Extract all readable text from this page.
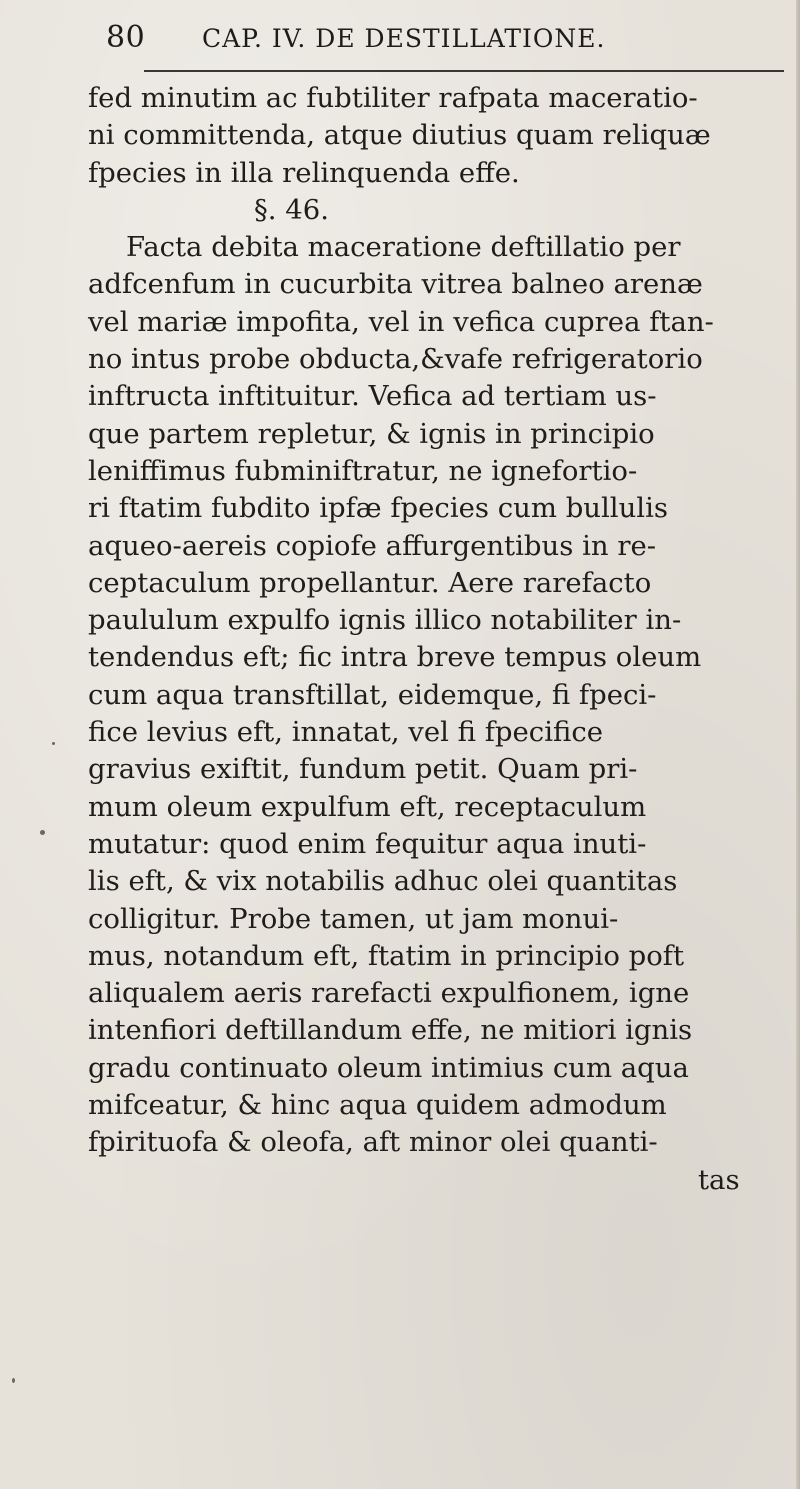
80 CAP. IV. DE DESTILLATIONE.
fed minutim ac fubtiliter rafpata maceratio-
ni committenda, atque diutius quam reliquæ
fpecies in illa relinquenda effe.
§. 46.
Facta debita maceratione deftillatio per
adfcenfum in cucurbita vitrea balneo arenæ
vel mariæ impofita, vel in vefica cuprea ftan-
no intus probe obducta,&vafe refrigeratorio
inftructa inftituitur. Vefica ad tertiam us-
que partem repletur, & ignis in principio
leniffimus fubminiftratur, ne ignefortio-
ri ftatim fubdito ipfæ fpecies cum bullulis
aqueo-aereis copiofe affurgentibus in re-
ceptaculum propellantur. Aere rarefacto
paululum expulfo ignis illico notabiliter in-
tendendus eft; fic intra breve tempus oleum
cum aqua transftillat, eidemque, fi fpeci-
fice levius eft, innatat, vel fi fpecifice
gravius exiftit, fundum petit. Quam pri-
mum oleum expulfum eft, receptaculum
mutatur: quod enim fequitur aqua inuti-
lis eft, & vix notabilis adhuc olei quantitas
colligitur. Probe tamen, ut jam monui-
mus, notandum eft, ftatim in principio poft
aliqualem aeris rarefacti expulfionem, igne
intenfiori deftillandum effe, ne mitiori ignis
gradu continuato oleum intimius cum aqua
mifceatur, & hinc aqua quidem admodum
fpirituofa & oleofa, aft minor olei quanti-
tas
